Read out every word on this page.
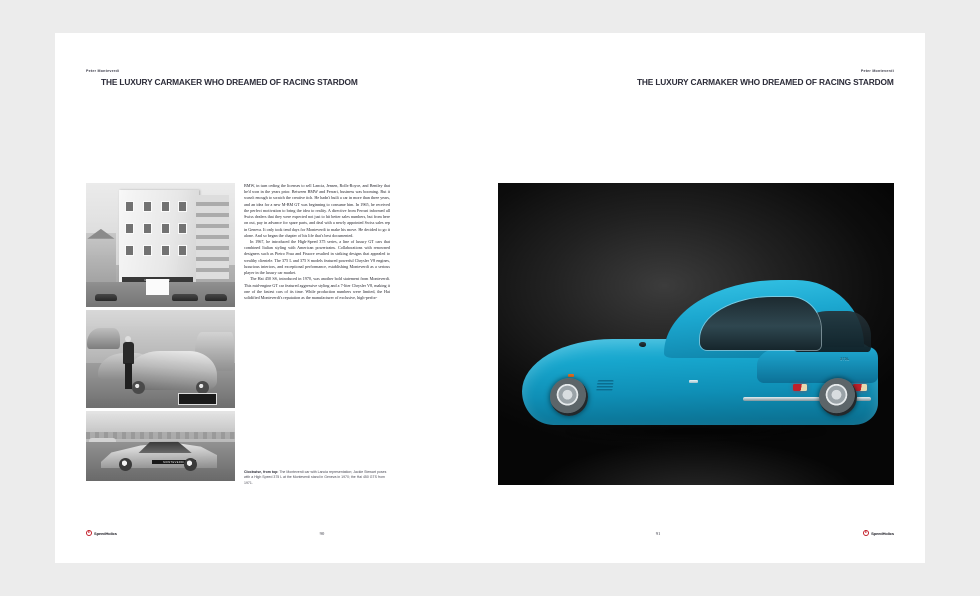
Peter Monteverdi
THE LUXURY CARMAKER WHO DREAMED OF RACING STARDOM
MONTEVERDI
MONTEVERDI

BMW, in turn ceding the licenses to sell Lancia, Jensen, Rolls-Royce, and Bentley that he'd won in the years prior. Between BMW and Ferrari, business was booming. But it wasn't enough to scratch the creative itch. He hadn't built a car in more than three years, and an idea for a new M-BM GT was beginning to consume him. In 1965, he received the perfect motivation to bring the idea to reality. A directive from Ferrari informed all Swiss dealers that they were expected not just to hit better sales numbers, but from here on out, pay in advance for spare parts, and deal with a newly appointed Swiss sales rep in Geneva. It only took tend days for Monteverdi to make his move. He decided to go it alone. And so began the chapter of his life that's best documented.

In 1967, he introduced the High-Speed 375 series, a line of luxury GT cars that combined Italian styling with American powertrains. Collaborations with renowned designers such as Pietro Frua and Fissore resulted in striking designs that appealed to wealthy clientele. The 375 L and 375 S models featured powerful Chrysler V8 engines, luxurious interiors, and exceptional performance, establishing Monteverdi as a serious player in the luxury car market.

The Hai 450 SS, introduced in 1970, was another bold statement from Monteverdi. This mid-engine GT car featured aggressive styling and a 7-liter Chrysler V8, making it one of the fastest cars of its time. While production numbers were limited, the Hai solidified Monteverdi's reputation as the manufacturer of exclusive, high-perfor-

Clockwise, from top: The Monteverdi car with Lancia representation; Jackie Stewart poses with a High Speed 375 L at the Monteverdi stand in Geneva in 1970; the Hai 450 GTS from 1971.
SpeedHolics	90
Peter Monteverdi
THE LUXURY CARMAKER WHO DREAMED OF RACING STARDOM
375L
SpeedHolics
91
